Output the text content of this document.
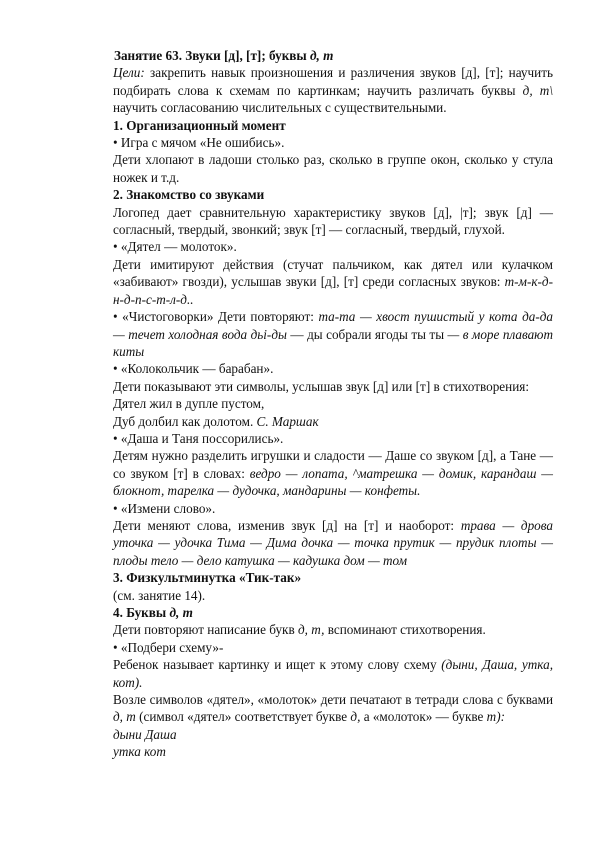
Занятие 63. Звуки [д], [т]; буквы д, т

Цели: закрепить навык произношения и различения звуков [д], [т]; научить подбирать слова к схемам по картинкам; научить различать буквы д, т\ научить согласованию числительных с существительными.

1. Организационный момент

• Игра с мячом «Не ошибись».

Дети хлопают в ладоши столько раз, сколько в группе окон, сколько у стула ножек и т.д.

2. Знакомство со звуками

Логопед дает сравнительную характеристику звуков [д], |т]; звук [д] — согласный, твердый, звонкий; звук [т] — согласный, твердый, глухой.

• «Дятел — молоток».

Дети имитируют действия (стучат пальчиком, как дятел или кулачком «забивают» гвозди), услышав звуки [д], [т] среди согласных звуков: т-м-к-д-н-д-п-с-т-л-д..

• «Чистоговорки» Дети повторяют: та-та — хвост пушистый у кота да-да — течет холодная вода дьі-ды — ды собрали ягоды ты ты — в море плавают киты

• «Колокольчик — барабан».

Дети показывают эти символы, услышав звук [д] или [т] в стихотворения:

Дятел жил в дупле пустом,

Дуб долбил как долотом. С. Маршак

• «Даша и Таня поссорились».

Детям нужно разделить игрушки и сладости — Даше со звуком [д], а Тане — со звуком [т] в словах: ведро — лопата, ^матрешка — домик, карандаш — блокнот, тарелка — дудочка, мандарины — конфеты.

• «Измени слово».

Дети меняют слова, изменив звук [д] на [т] и наоборот: трава — дрова уточка — удочка Тима — Дима дочка — точка прутик — прудик плоты — плоды тело — дело катушка — кадушка дом — том

3. Физкультминутка «Тик-так»

(см. занятие 14).

4. Буквы д, т

Дети повторяют написание букв д, т, вспоминают стихотворения.

• «Подбери схему»-

Ребенок называет картинку и ищет к этому слову схему (дыни, Даша, утка, кот).

Возле символов «дятел», «молоток» дети печатают в тетради слова с буквами д, т (символ «дятел» соответствует букве д, а «молоток» — букве т):

дыни Даша

утка кот
